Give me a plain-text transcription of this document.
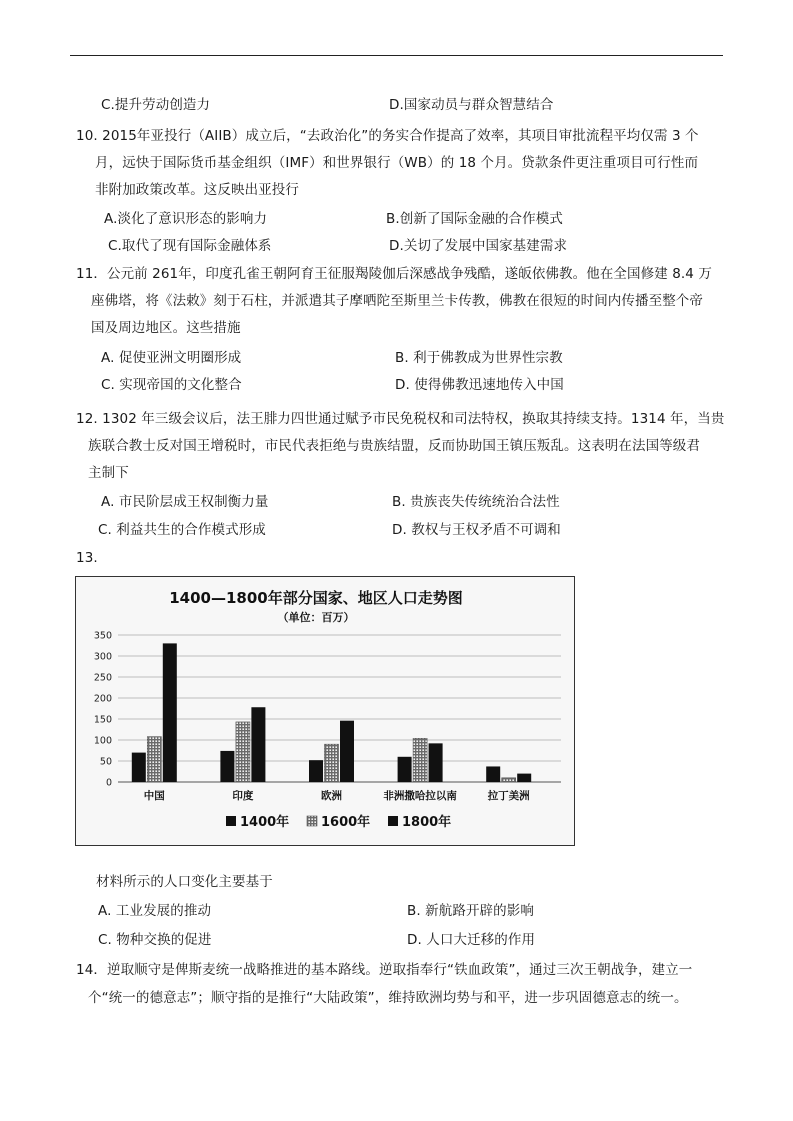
C.提升劳动创造力	D.国家动员与群众智慧结合
10. 2015年亚投行（AIIB）成立后，“去政治化”的务实合作提高了效率，其项目审批流程平均仅需 3 个
月，远快于国际货币基金组织（IMF）和世界银行（WB）的 18 个月。贷款条件更注重项目可行性而
非附加政策改革。这反映出亚投行
A.淡化了意识形态的影响力	B.创新了国际金融的合作模式
C.取代了现有国际金融体系	D.关切了发展中国家基建需求
11．公元前 261年，印度孔雀王朝阿育王征服羯陵伽后深感战争残酷，遂皈依佛教。他在全国修建 8.4 万
座佛塔，将《法敕》刻于石柱，并派遣其子摩哂陀至斯里兰卡传教，佛教在很短的时间内传播至整个帝
国及周边地区。这些措施
A. 促使亚洲文明圈形成	B. 利于佛教成为世界性宗教
C. 实现帝国的文化整合	D. 使得佛教迅速地传入中国
12. 1302 年三级会议后，法王腓力四世通过赋予市民免税权和司法特权，换取其持续支持。1314 年，当贵
族联合教士反对国王增税时，市民代表拒绝与贵族结盟，反而协助国王镇压叛乱。这表明在法国等级君
主制下
A. 市民阶层成王权制衡力量	B. 贵族丧失传统统治合法性
C. 利益共生的合作模式形成	D. 教权与王权矛盾不可调和
13.
1400—1800年部分国家、地区人口走势图
（单位：百万）
0
50
100
150
200
250
300
350
中国	印度	欧洲	非洲撒哈拉以南	拉丁美洲
1400年 1600年 1800年
材料所示的人口变化主要基于
A. 工业发展的推动	B. 新航路开辟的影响
C. 物种交换的促进	D. 人口大迁移的作用
14．逆取顺守是俾斯麦统一战略推进的基本路线。逆取指奉行“铁血政策”，通过三次王朝战争，建立一
个“统一的德意志”；顺守指的是推行“大陆政策”，维持欧洲均势与和平，进一步巩固德意志的统一。
